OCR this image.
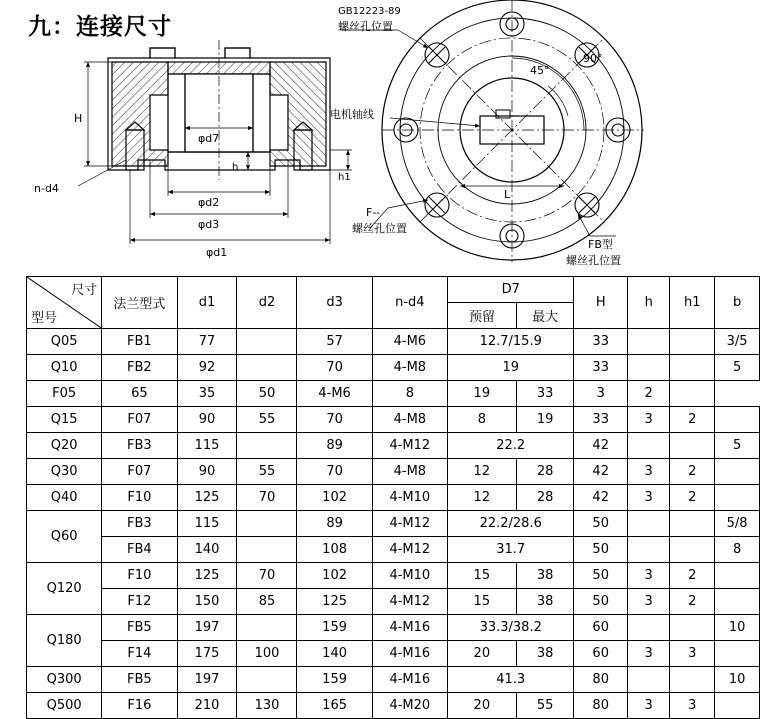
九：连接尺寸
H
φd7
n-d4
φd2
φd3
φd1
h
h1
GB12223-89
螺丝孔位置
电机轴线
45°
90°
L
F--
螺丝孔位置
FB型
螺丝孔位置
尺寸
型号	法兰型式	d1	d2	d3	n-d4	D7		H	h	h1	b
						预留	最大				
Q05	FB1	77		57	4-M6	12.7/15.9		33			3/5
Q10	FB2	92		70	4-M8	19		33			5
F05	65	35	50	4-M6	8	19	33	3	2		
Q15	F07	90	55	70	4-M8	8	19	33	3	2	
Q20	FB3	115		89	4-M12	22.2		42			5
Q30	F07	90	55	70	4-M8	12	28	42	3	2	
Q40	F10	125	70	102	4-M10	12	28	42	3	2	
Q60	FB3	115		89	4-M12	22.2/28.6		50			5/8
	FB4	140		108	4-M12	31.7		50			8
Q120	F10	125	70	102	4-M10	15	38	50	3	2	
	F12	150	85	125	4-M12	15	38	50	3	2	
Q180	FB5	197		159	4-M16	33.3/38.2		60			10
	F14	175	100	140	4-M16	20	38	60	3	3	
Q300	FB5	197		159	4-M16	41.3		80			10
Q500	F16	210	130	165	4-M20	20	55	80	3	3	
